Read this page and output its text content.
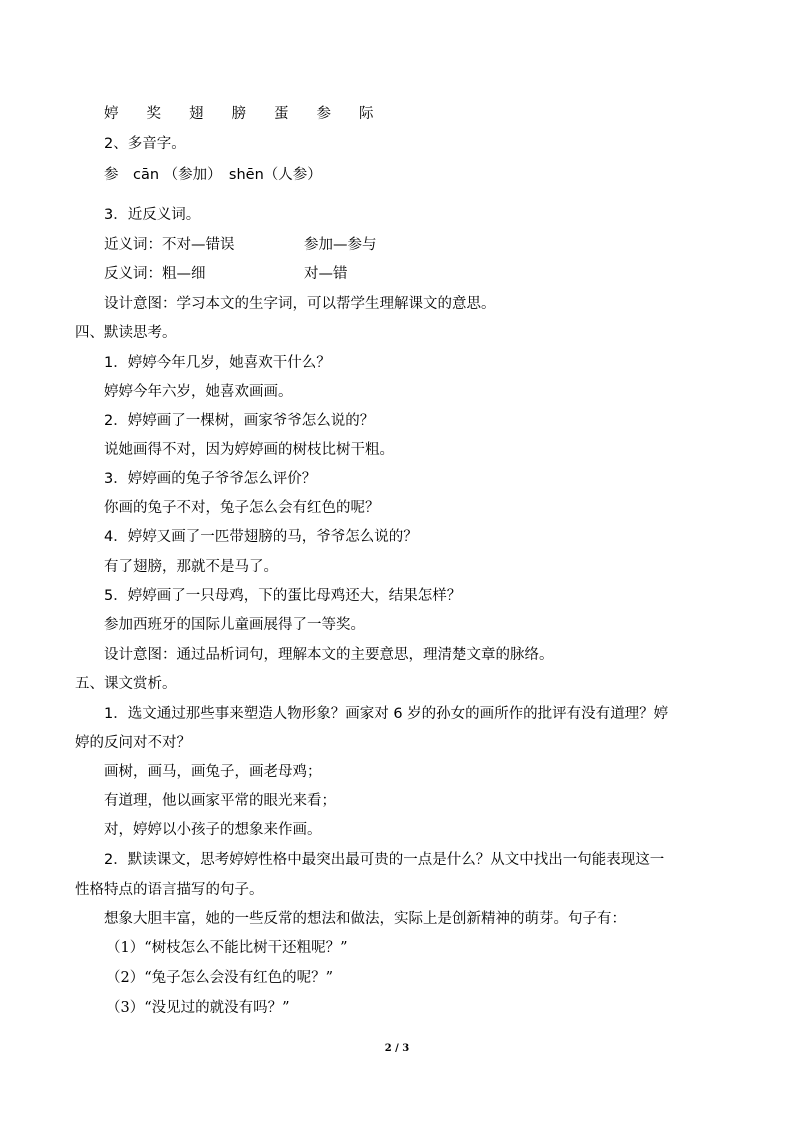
婷 奖 翅 膀 蛋 参 际
2、多音字。
参　cān （参加）　shēn（人参）
3．近反义词。
近义词：不对—错误	参加—参与
反义词：粗—细	对—错
设计意图：学习本文的生字词，可以帮学生理解课文的意思。
四、默读思考。
1．婷婷今年几岁，她喜欢干什么？
婷婷今年六岁，她喜欢画画。
2．婷婷画了一棵树，画家爷爷怎么说的？
说她画得不对，因为婷婷画的树枝比树干粗。
3．婷婷画的兔子爷爷怎么评价？
你画的兔子不对，兔子怎么会有红色的呢？
4．婷婷又画了一匹带翅膀的马，爷爷怎么说的？
有了翅膀，那就不是马了。
5．婷婷画了一只母鸡，下的蛋比母鸡还大，结果怎样？
参加西班牙的国际儿童画展得了一等奖。
设计意图：通过品析词句，理解本文的主要意思，理清楚文章的脉络。
五、课文赏析。
1．选文通过那些事来塑造人物形象？画家对 6 岁的孙女的画所作的批评有没有道理？婷
婷的反问对不对？
画树，画马，画兔子，画老母鸡；
有道理，他以画家平常的眼光来看；
对，婷婷以小孩子的想象来作画。
2．默读课文，思考婷婷性格中最突出最可贵的一点是什么？从文中找出一句能表现这一
性格特点的语言描写的句子。
想象大胆丰富，她的一些反常的想法和做法，实际上是创新精神的萌芽。句子有：
（1）“树枝怎么不能比树干还粗呢？”
（2）“兔子怎么会没有红色的呢？”
（3）“没见过的就没有吗？”
2 / 3
